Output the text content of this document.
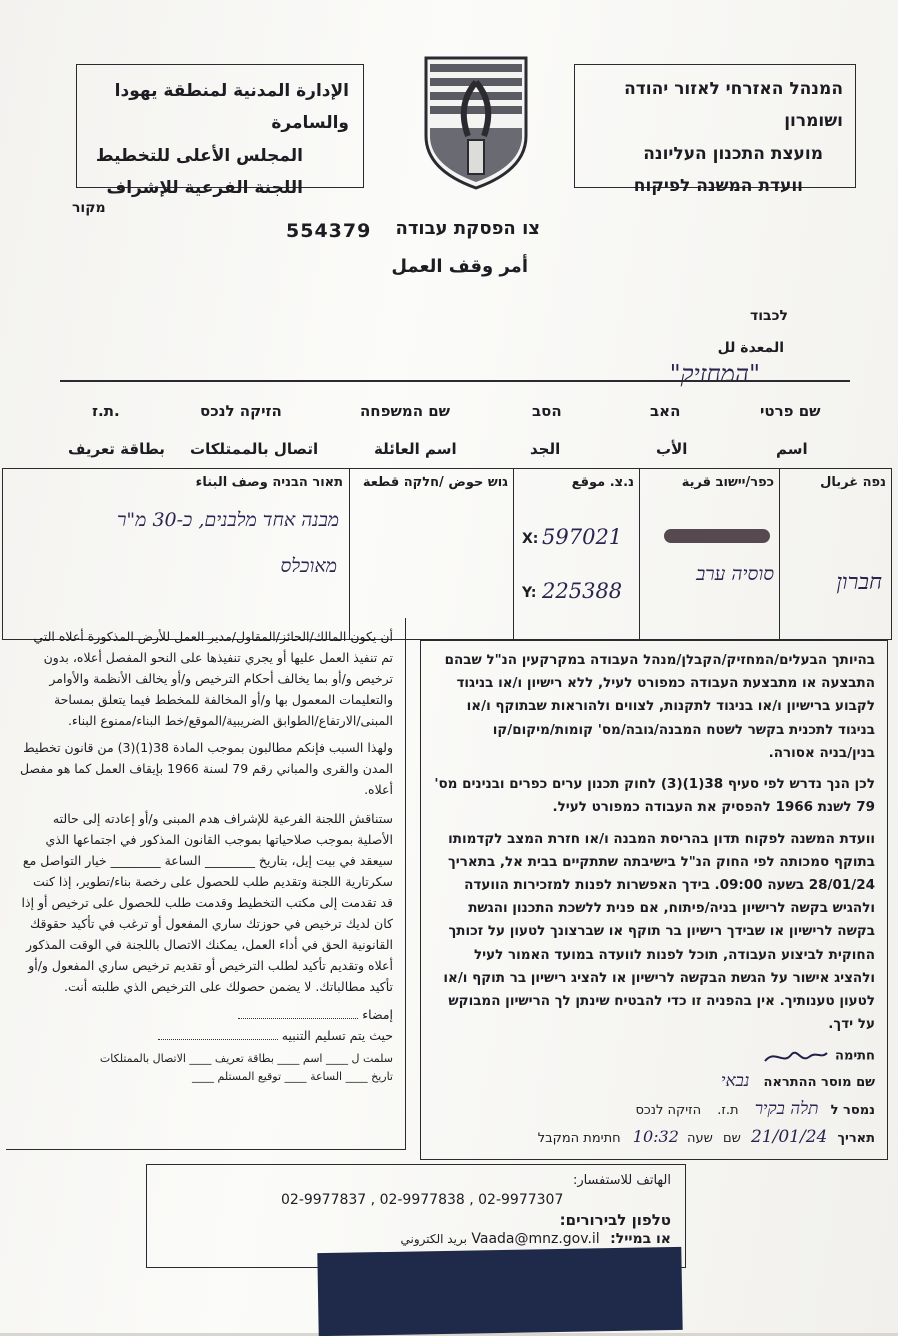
الإدارة المدنية لمنطقة يهودا والسامرة
المجلس الأعلى للتخطيط
اللجنة الفرعية للإشراف
המנהל האזרחי לאזור יהודה ושומרון
מועצת התכנון העליונה
וועדת המשנה לפיקוח
מקור
554379	צו הפסקת עבודה
أمر وقف العمل
לכבוד
المعدة لل
"המחזיק"
שם פרטי
האב
הסב
שם המשפחה
הזיקה לנכס
ת.ז.
اسم
الأب
الجد
اسم العائلة
اتصال بالممتلكات
بطاقة تعريف
תאור הבניה وصف البناء
מבנה אחד מלבנים, כ-30 מ"ר
מאוכלס
גוש حوض /חלקה قطعة	נ.צ. موقع
X: 597021
Y: 225388
כפר/יישוב قرية
סוסיה ערב
נפה غربال
חברון
أن يكون المالك/الحائز/المقاول/مدير العمل للأرض المذكورة أعلاه التي تم تنفيذ العمل عليها أو يجري تنفيذها على النحو المفصل أعلاه، بدون ترخيص و/أو بما يخالف أحكام الترخيص و/أو يخالف الأنظمة والأوامر والتعليمات المعمول بها و/أو المخالفة للمخطط فيما يتعلق بمساحة المبنى/الارتفاع/الطوابق الضريبية/الموقع/خط البناء/ممنوع البناء.
ولهذا السبب فإنكم مطالبون بموجب المادة 38(1)(3) من قانون تخطيط المدن والقرى والمباني رقم 79 لسنة 1966 بإيقاف العمل كما هو مفصل أعلاه.
ستناقش اللجنة الفرعية للإشراف هدم المبنى و/أو إعادته إلى حالته الأصلية بموجب صلاحياتها بموجب القانون المذكور في اجتماعها الذي سيعقد في بيت إيل، بتاريخ ________ الساعة ________ خيار التواصل مع سكرتارية اللجنة وتقديم طلب للحصول على رخصة بناء/تطوير، إذا كنت قد تقدمت إلى مكتب التخطيط وقدمت طلب للحصول على ترخيص أو إذا كان لديك ترخيص في حوزتك ساري المفعول أو ترغب في تأكيد حقوقك القانونية الحق في أداء العمل، يمكنك الاتصال باللجنة في الوقت المذكور أعلاه وتقديم تأكيد لطلب الترخيص أو تقديم ترخيص ساري المفعول و/أو تأكيد مطالباتك. لا يضمن حصولك على الترخيص الذي طلبته أنت.
إمضاء
حيث يتم تسليم التنبيه
سلمت ل ____ اسم ____ بطاقة تعريف ____ الاتصال بالممتلكات
تاريخ ____ الساعة ____ توقيع المستلم ____
בהיותך הבעלים/המחזיק/הקבלן/מנהל העבודה במקרקעין הנ"ל שבהם התבצעה או מתבצעת העבודה כמפורט לעיל, ללא רישיון ו/או בניגוד לקבוע ברישיון ו/או בניגוד לתקנות, לצווים ולהוראות שבתוקף ו/או בניגוד לתכנית בקשר לשטח המבנה/גובה/מס' קומות/מיקום/קו בנין/בניה אסורה.
לכן הנך נדרש לפי סעיף 38(1)(3) לחוק תכנון ערים כפרים ובנינים מס' 79 לשנת 1966 להפסיק את העבודה כמפורט לעיל.
וועדת המשנה לפקוח תדון בהריסת המבנה ו/או חזרת המצב לקדמותו בתוקף סמכותה לפי החוק הנ"ל בישיבתה שתתקיים בבית אל, בתאריך 28/01/24 בשעה 09:00. בידך האפשרות לפנות למזכירות הוועדה ולהגיש בקשה לרישיון בניה/פיתוח, אם פנית ללשכת התכנון והגשת בקשה לרישיון או שבידך רישיון בר תוקף או שברצונך לטעון על זכותך החוקית לביצוע העבודה, תוכל לפנות לוועדה במועד האמור לעיל ולהציג אישור על הגשת הבקשה לרישיון או להציג רישיון בר תוקף ו/או לטעון טענותיך. אין בהפניה זו כדי להבטיח שינתן לך הרישיון המבוקש על ידך.
חתימה
שם מוסר ההתראה נבאי
נמסר ל תלה בקיר ת.ז. הזיקה לנכס
תאריך 21/01/24 שם שעה 10:32 חתימת המקבל
الهاتف للاستفسار:
02-9977837 , 02-9977838 , 02-9977307
טלפון לבירורים:
או במייל: Vaada@mnz.gov.il بريد الكتروني
